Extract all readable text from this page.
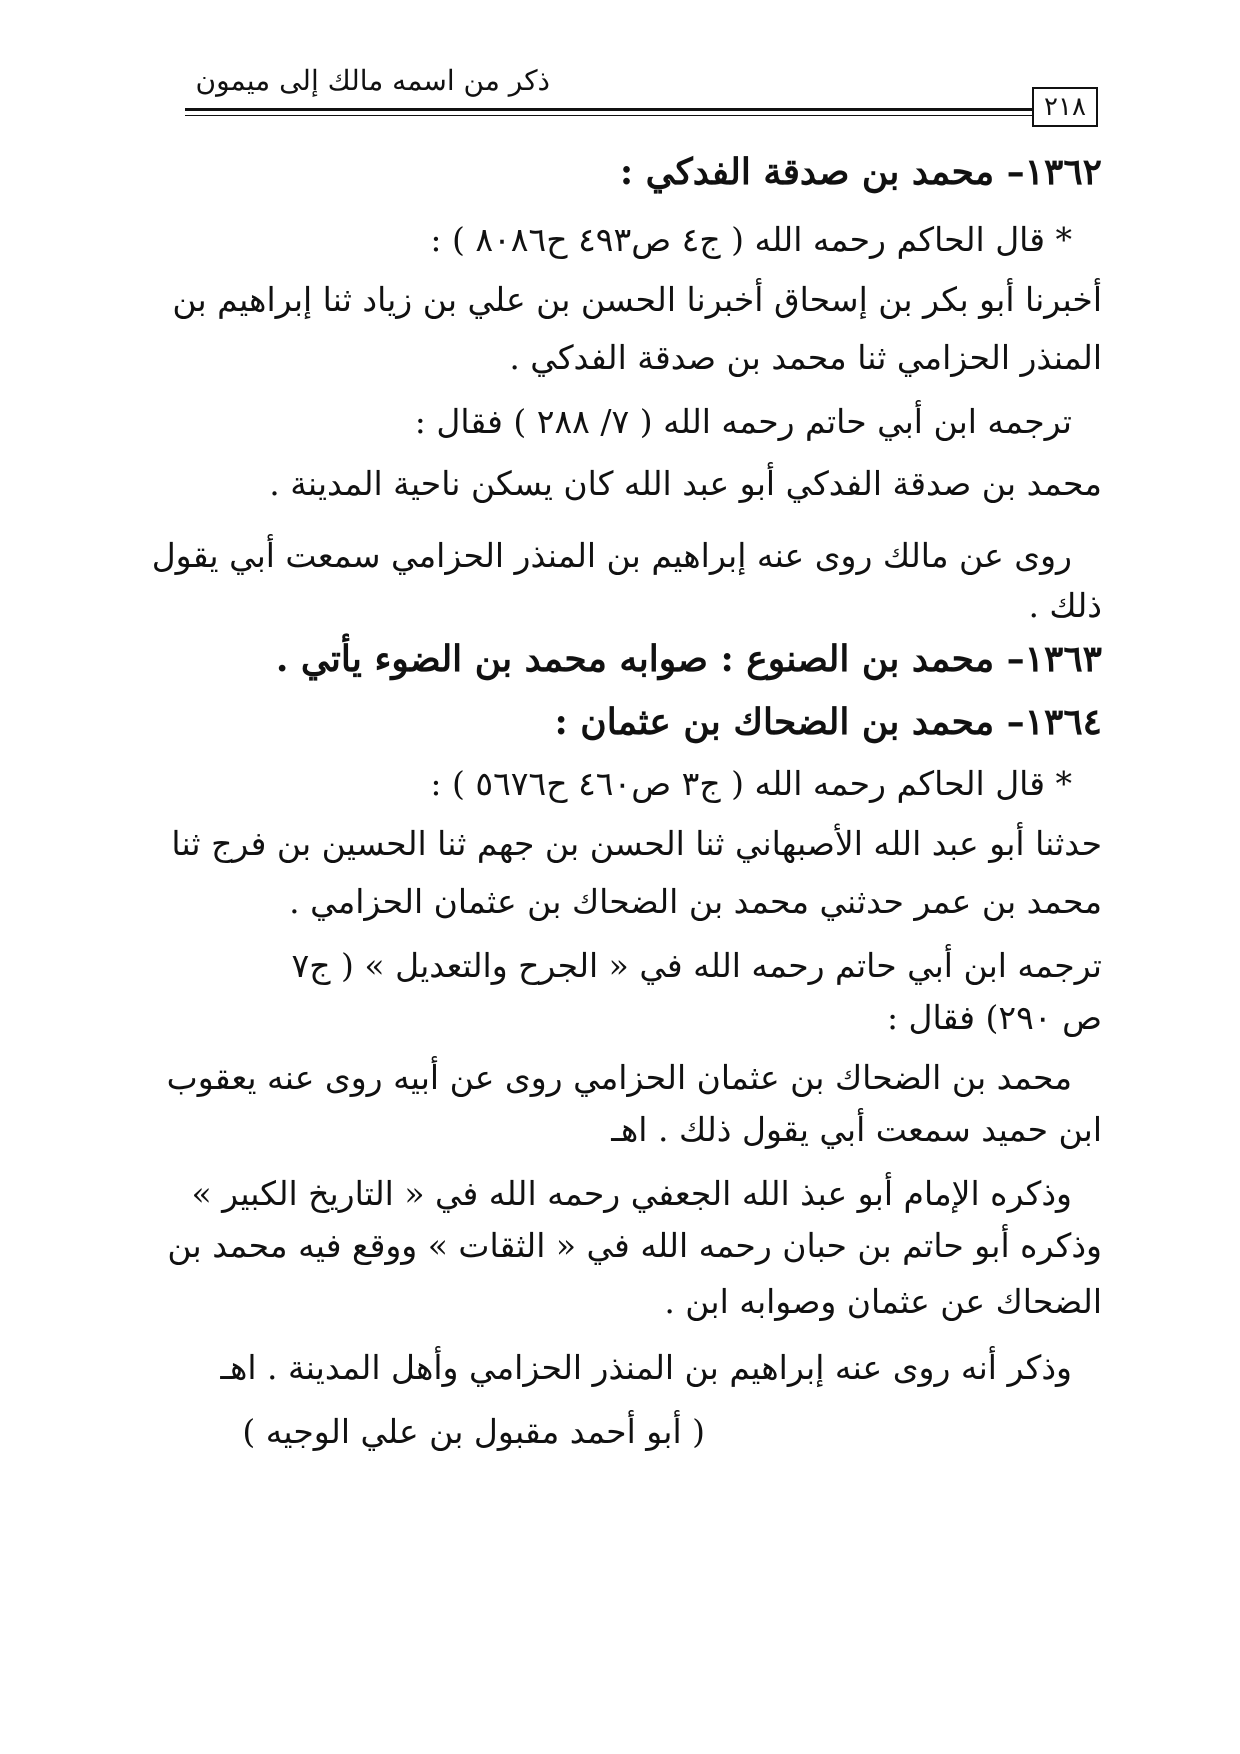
ذكر من اسمه مالك إلى ميمون
٢١٨
١٣٦٢– محمد بن صدقة الفدكي :
* قال الحاكم رحمه الله ( ج٤ ص٤٩٣ ح٨٠٨٦ ) :
أخبرنا أبو بكر بن إسحاق أخبرنا الحسن بن علي بن زياد ثنا إبراهيم بن
المنذر الحزامي ثنا محمد بن صدقة الفدكي .
ترجمه ابن أبي حاتم رحمه الله ( ٧/ ٢٨٨ ) فقال :
محمد بن صدقة الفدكي أبو عبد الله كان يسكن ناحية المدينة .
روى عن مالك روى عنه إبراهيم بن المنذر الحزامي سمعت أبي يقول
ذلك .
١٣٦٣– محمد بن الصنوع : صوابه محمد بن الضوء يأتي .
١٣٦٤– محمد بن الضحاك بن عثمان :
* قال الحاكم رحمه الله ( ج٣ ص٤٦٠ ح٥٦٧٦ ) :
حدثنا أبو عبد الله الأصبهاني ثنا الحسن بن جهم ثنا الحسين بن فرج ثنا
محمد بن عمر حدثني محمد بن الضحاك بن عثمان الحزامي .
ترجمه ابن أبي حاتم رحمه الله في « الجرح والتعديل » ( ج٧
ص ٢٩٠) فقال :
محمد بن الضحاك بن عثمان الحزامي روى عن أبيه روى عنه يعقوب
ابن حميد سمعت أبي يقول ذلك . اهـ
وذكره الإمام أبو عبذ الله الجعفي رحمه الله في « التاريخ الكبير »
وذكره أبو حاتم بن حبان رحمه الله في « الثقات » ووقع فيه محمد بن
الضحاك عن عثمان وصوابه ابن .
وذكر أنه روى عنه إبراهيم بن المنذر الحزامي وأهل المدينة . اهـ
( أبو أحمد مقبول بن علي الوجيه )
